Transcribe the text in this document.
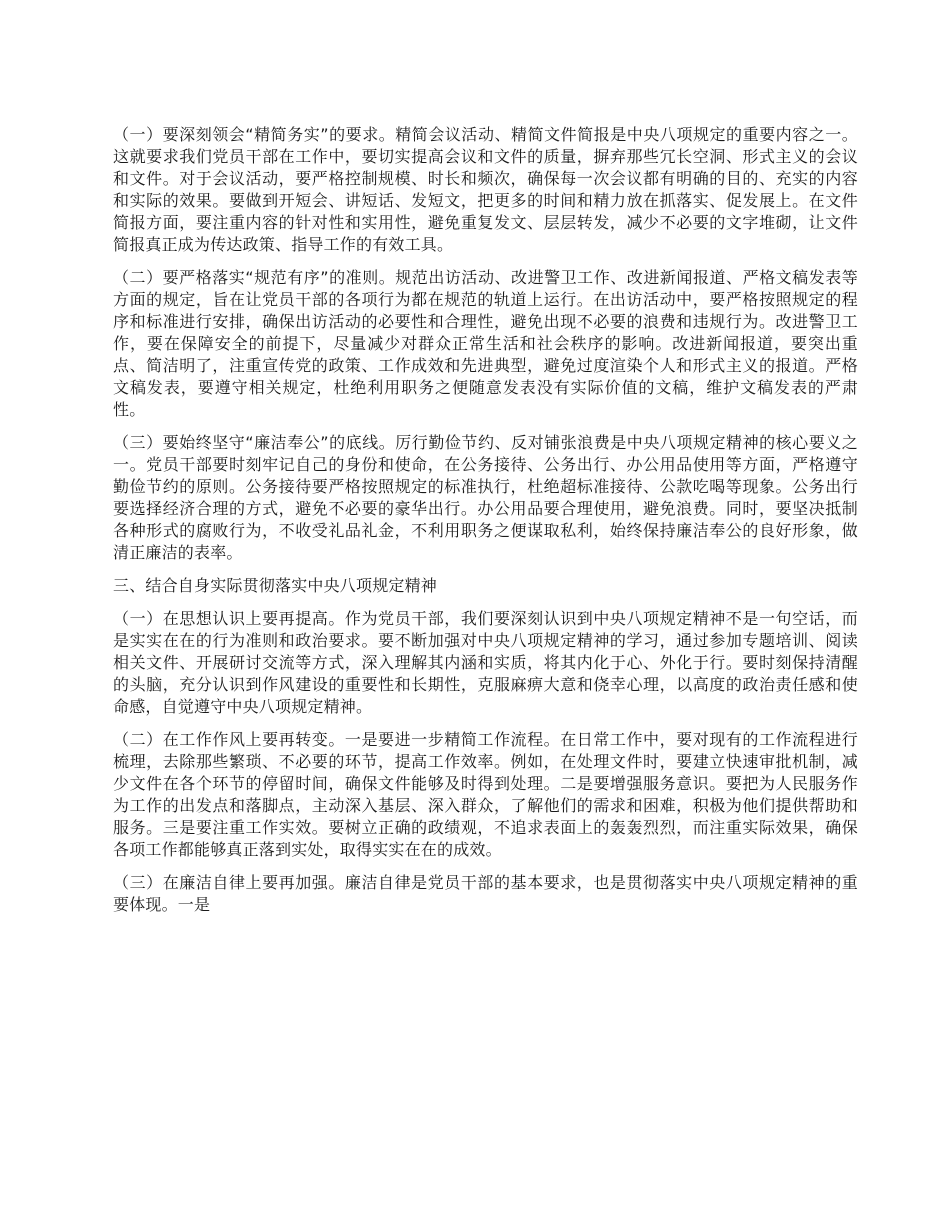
（一）要深刻领会“精简务实”的要求。精简会议活动、精简文件简报是中央八项规定的重要内容之一。这就要求我们党员干部在工作中，要切实提高会议和文件的质量，摒弃那些冗长空洞、形式主义的会议和文件。对于会议活动，要严格控制规模、时长和频次，确保每一次会议都有明确的目的、充实的内容和实际的效果。要做到开短会、讲短话、发短文，把更多的时间和精力放在抓落实、促发展上。在文件简报方面，要注重内容的针对性和实用性，避免重复发文、层层转发，减少不必要的文字堆砌，让文件简报真正成为传达政策、指导工作的有效工具。

（二）要严格落实“规范有序”的准则。规范出访活动、改进警卫工作、改进新闻报道、严格文稿发表等方面的规定，旨在让党员干部的各项行为都在规范的轨道上运行。在出访活动中，要严格按照规定的程序和标准进行安排，确保出访活动的必要性和合理性，避免出现不必要的浪费和违规行为。改进警卫工作，要在保障安全的前提下，尽量减少对群众正常生活和社会秩序的影响。改进新闻报道，要突出重点、简洁明了，注重宣传党的政策、工作成效和先进典型，避免过度渲染个人和形式主义的报道。严格文稿发表，要遵守相关规定，杜绝利用职务之便随意发表没有实际价值的文稿，维护文稿发表的严肃性。

（三）要始终坚守“廉洁奉公”的底线。厉行勤俭节约、反对铺张浪费是中央八项规定精神的核心要义之一。党员干部要时刻牢记自己的身份和使命，在公务接待、公务出行、办公用品使用等方面，严格遵守勤俭节约的原则。公务接待要严格按照规定的标准执行，杜绝超标准接待、公款吃喝等现象。公务出行要选择经济合理的方式，避免不必要的豪华出行。办公用品要合理使用，避免浪费。同时，要坚决抵制各种形式的腐败行为，不收受礼品礼金，不利用职务之便谋取私利，始终保持廉洁奉公的良好形象，做清正廉洁的表率。

三、结合自身实际贯彻落实中央八项规定精神

（一）在思想认识上要再提高。作为党员干部，我们要深刻认识到中央八项规定精神不是一句空话，而是实实在在的行为准则和政治要求。要不断加强对中央八项规定精神的学习，通过参加专题培训、阅读相关文件、开展研讨交流等方式，深入理解其内涵和实质，将其内化于心、外化于行。要时刻保持清醒的头脑，充分认识到作风建设的重要性和长期性，克服麻痹大意和侥幸心理，以高度的政治责任感和使命感，自觉遵守中央八项规定精神。

（二）在工作作风上要再转变。一是要进一步精简工作流程。在日常工作中，要对现有的工作流程进行梳理，去除那些繁琐、不必要的环节，提高工作效率。例如，在处理文件时，要建立快速审批机制，减少文件在各个环节的停留时间，确保文件能够及时得到处理。二是要增强服务意识。要把为人民服务作为工作的出发点和落脚点，主动深入基层、深入群众，了解他们的需求和困难，积极为他们提供帮助和服务。三是要注重工作实效。要树立正确的政绩观，不追求表面上的轰轰烈烈，而注重实际效果，确保各项工作都能够真正落到实处，取得实实在在的成效。

（三）在廉洁自律上要再加强。廉洁自律是党员干部的基本要求，也是贯彻落实中央八项规定精神的重要体现。一是
